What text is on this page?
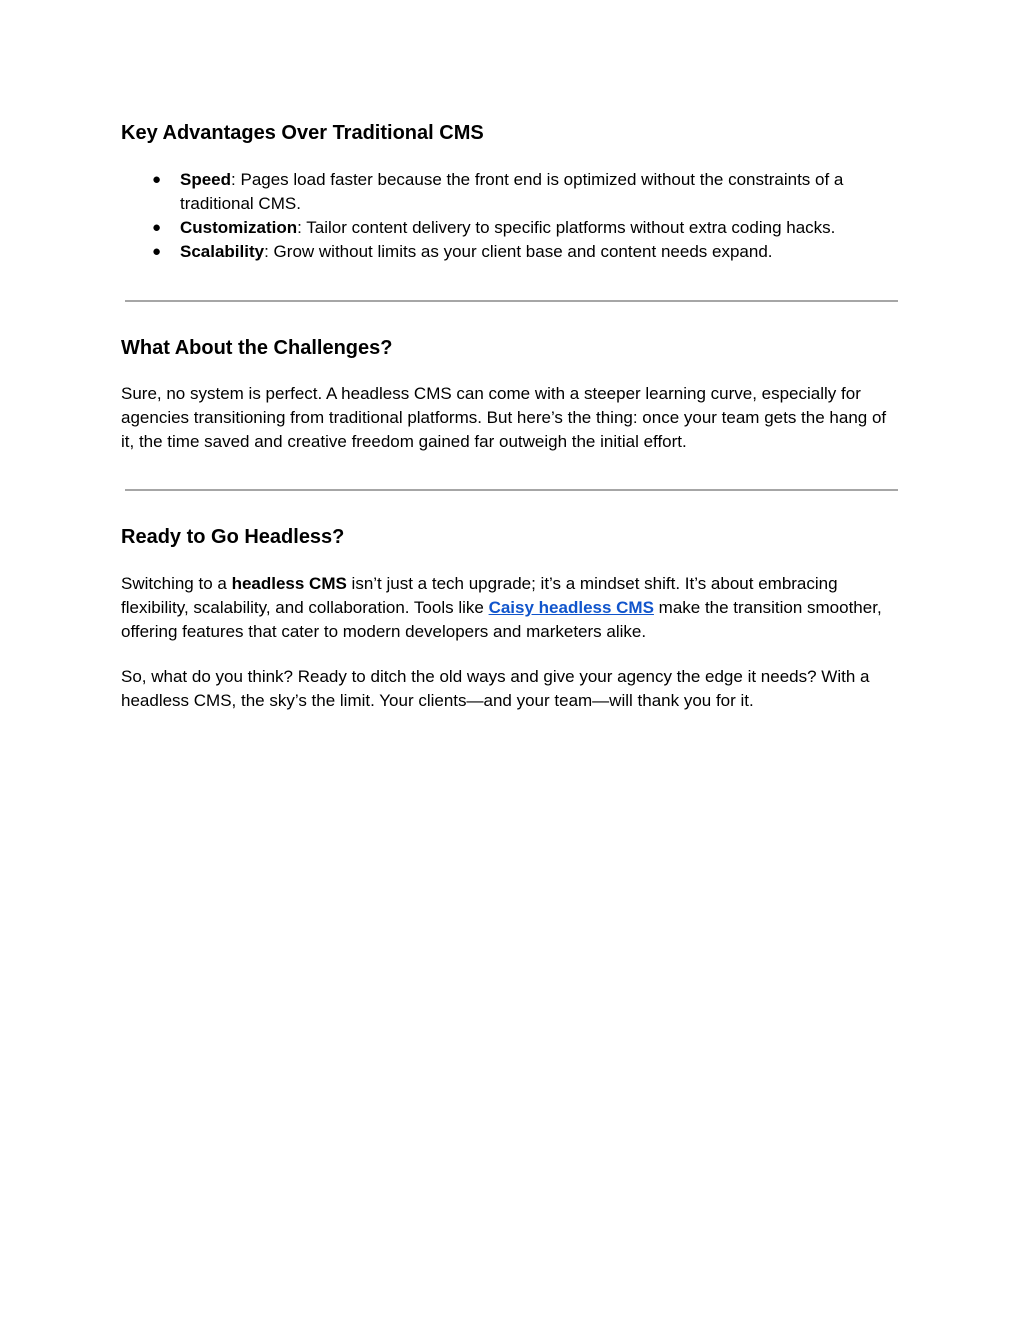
Key Advantages Over Traditional CMS
● Speed: Pages load faster because the front end is optimized without the constraints of a traditional CMS.
● Customization: Tailor content delivery to specific platforms without extra coding hacks.
● Scalability: Grow without limits as your client base and content needs expand.
What About the Challenges?

Sure, no system is perfect. A headless CMS can come with a steeper learning curve, especially for agencies transitioning from traditional platforms. But here’s the thing: once your team gets the hang of it, the time saved and creative freedom gained far outweigh the initial effort.

Ready to Go Headless?

Switching to a headless CMS isn’t just a tech upgrade; it’s a mindset shift. It’s about embracing flexibility, scalability, and collaboration. Tools like Caisy headless CMS make the transition smoother, offering features that cater to modern developers and marketers alike.

So, what do you think? Ready to ditch the old ways and give your agency the edge it needs? With a headless CMS, the sky’s the limit. Your clients—and your team—will thank you for it.
